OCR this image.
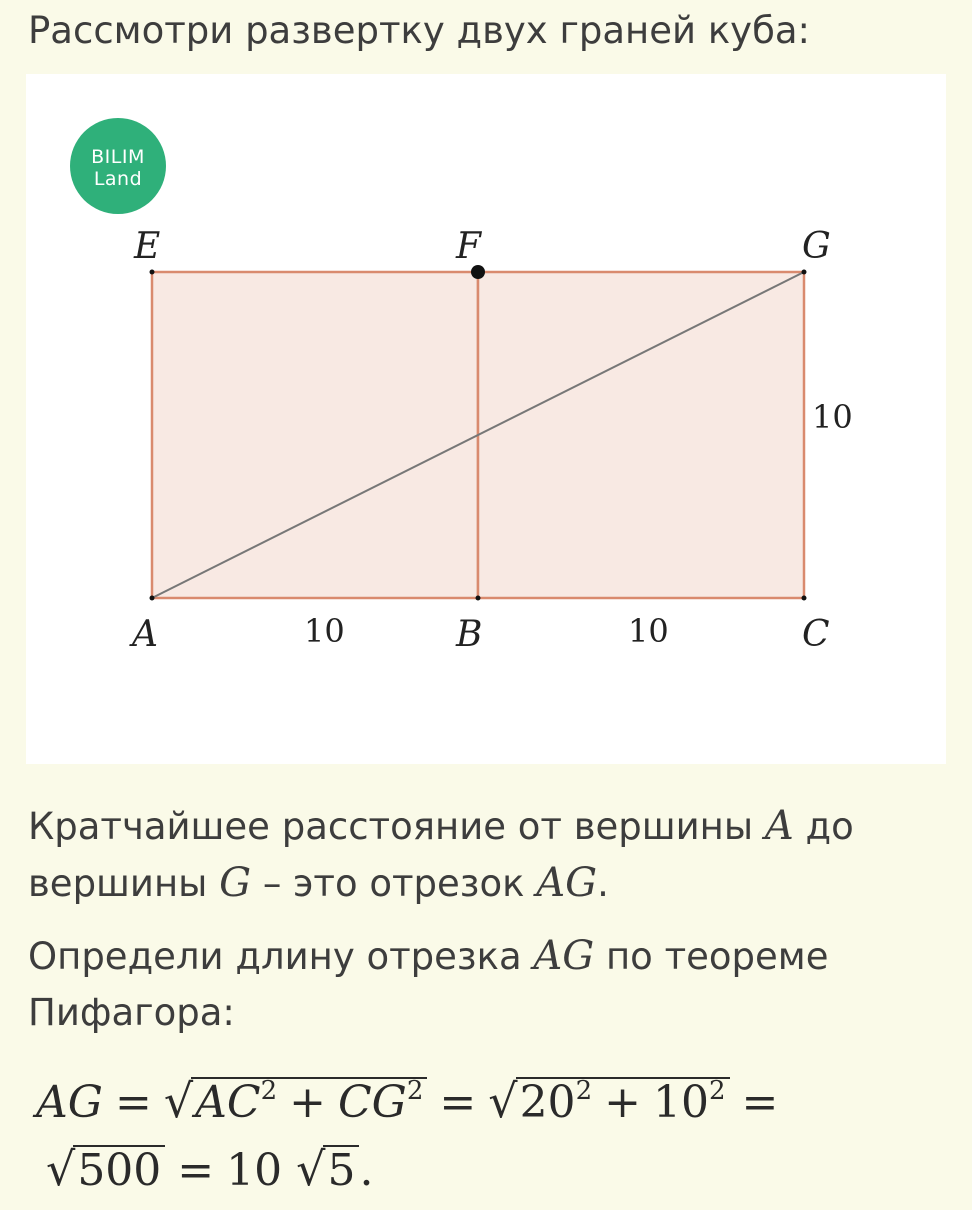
Рассмотри развертку двух граней куба:
BILIM
Land
E	F	G
10
A	10	B	10	C
Кратчайшее расстояние от вершины A до вершины G – это отрезок AG.
Определи длину отрезка AG по теореме Пифагора:
AG = $√AC^2 + CG^2 = √20^2 + 10^2$ =
√500 = 10 √5.
